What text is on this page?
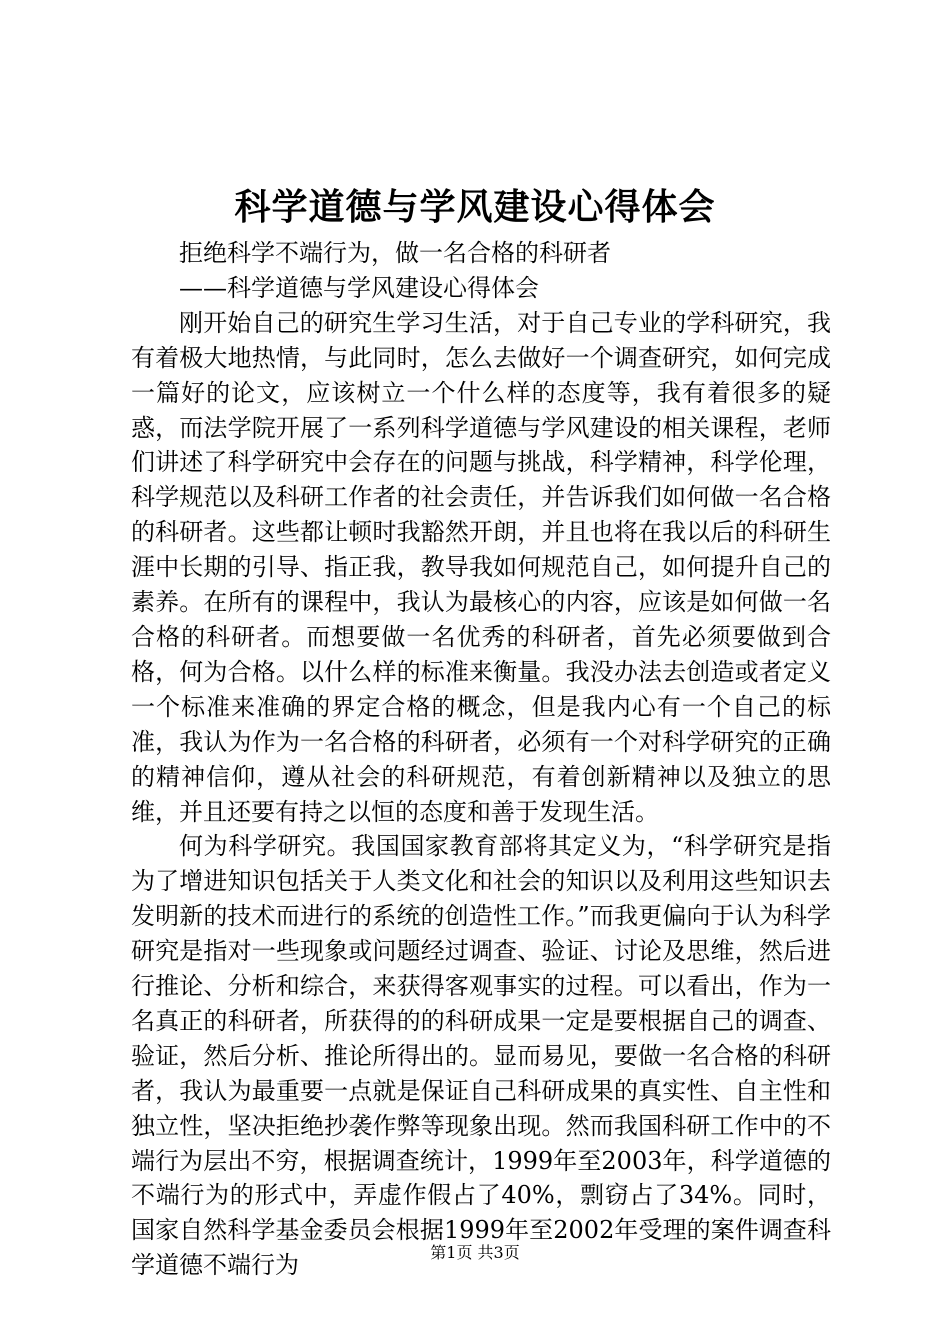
科学道德与学风建设心得体会

拒绝科学不端行为，做一名合格的科研者

——科学道德与学风建设心得体会

刚开始自己的研究生学习生活，对于自己专业的学科研究，我有着极大地热情，与此同时，怎么去做好一个调查研究，如何完成一篇好的论文，应该树立一个什么样的态度等，我有着很多的疑惑，而法学院开展了一系列科学道德与学风建设的相关课程，老师们讲述了科学研究中会存在的问题与挑战，科学精神，科学伦理，科学规范以及科研工作者的社会责任，并告诉我们如何做一名合格的科研者。这些都让顿时我豁然开朗，并且也将在我以后的科研生涯中长期的引导、指正我，教导我如何规范自己，如何提升自己的素养。在所有的课程中，我认为最核心的内容，应该是如何做一名合格的科研者。而想要做一名优秀的科研者，首先必须要做到合格，何为合格。以什么样的标准来衡量。我没办法去创造或者定义一个标准来准确的界定合格的概念，但是我内心有一个自己的标准，我认为作为一名合格的科研者，必须有一个对科学研究的正确的精神信仰，遵从社会的科研规范，有着创新精神以及独立的思维，并且还要有持之以恒的态度和善于发现生活。

何为科学研究。我国国家教育部将其定义为，“科学研究是指为了增进知识包括关于人类文化和社会的知识以及利用这些知识去发明新的技术而进行的系统的创造性工作。”而我更偏向于认为科学研究是指对一些现象或问题经过调查、验证、讨论及思维，然后进行推论、分析和综合，来获得客观事实的过程。可以看出，作为一名真正的科研者，所获得的的科研成果一定是要根据自己的调查、验证，然后分析、推论所得出的。显而易见，要做一名合格的科研者，我认为最重要一点就是保证自己科研成果的真实性、自主性和独立性，坚决拒绝抄袭作弊等现象出现。然而我国科研工作中的不端行为层出不穷，根据调查统计，1999年至2003年，科学道德的不端行为的形式中，弄虚作假占了40%，剽窃占了34%。同时，国家自然科学基金委员会根据1999年至2002年受理的案件调查科学道德不端行为	第1页 共3页
